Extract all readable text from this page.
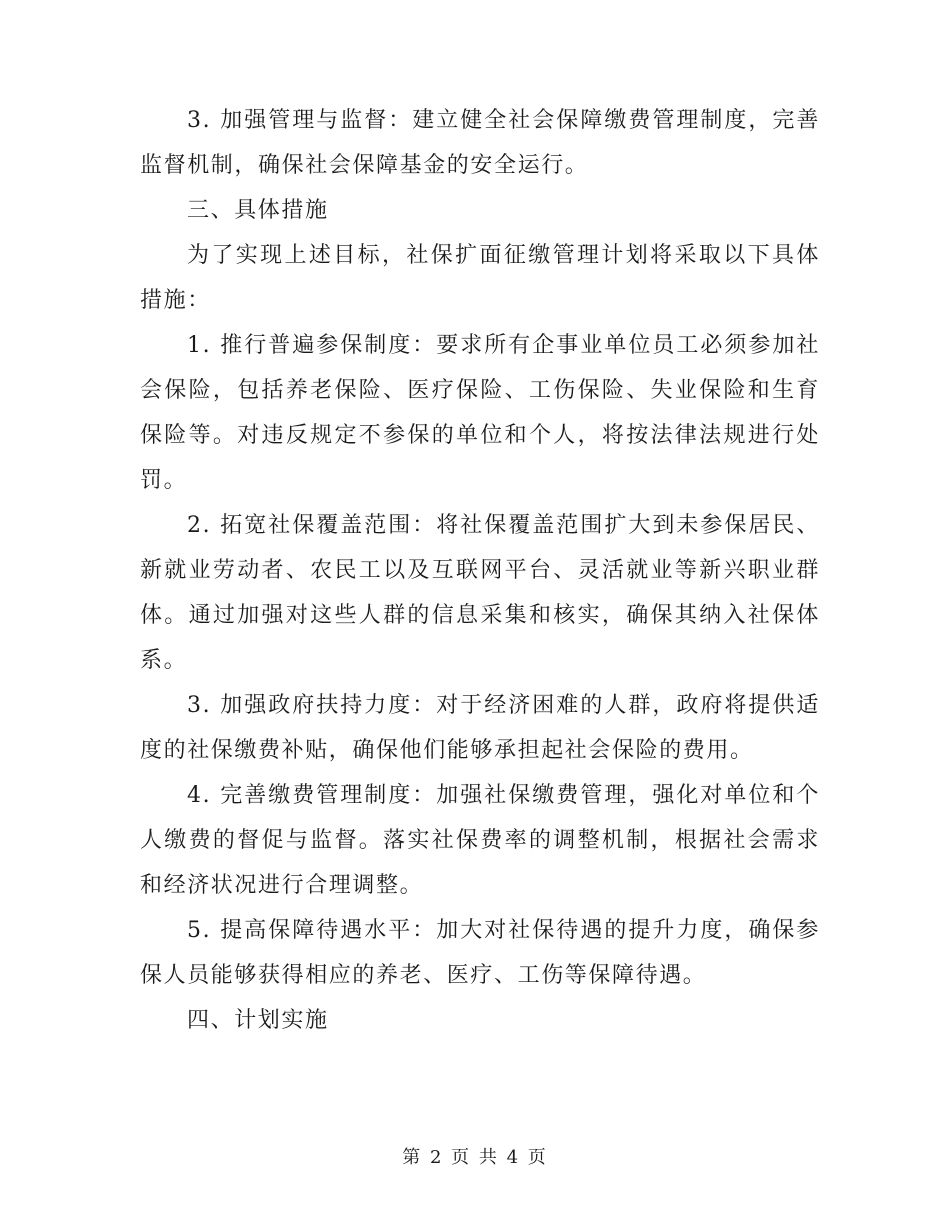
3. 加强管理与监督：建立健全社会保障缴费管理制度，完善监督机制，确保社会保障基金的安全运行。

三、具体措施

为了实现上述目标，社保扩面征缴管理计划将采取以下具体措施：

1. 推行普遍参保制度：要求所有企事业单位员工必须参加社会保险，包括养老保险、医疗保险、工伤保险、失业保险和生育保险等。对违反规定不参保的单位和个人，将按法律法规进行处罚。

2. 拓宽社保覆盖范围：将社保覆盖范围扩大到未参保居民、新就业劳动者、农民工以及互联网平台、灵活就业等新兴职业群体。通过加强对这些人群的信息采集和核实，确保其纳入社保体系。

3. 加强政府扶持力度：对于经济困难的人群，政府将提供适度的社保缴费补贴，确保他们能够承担起社会保险的费用。

4. 完善缴费管理制度：加强社保缴费管理，强化对单位和个人缴费的督促与监督。落实社保费率的调整机制，根据社会需求和经济状况进行合理调整。

5. 提高保障待遇水平：加大对社保待遇的提升力度，确保参保人员能够获得相应的养老、医疗、工伤等保障待遇。

四、计划实施

第 2 页 共 4 页
